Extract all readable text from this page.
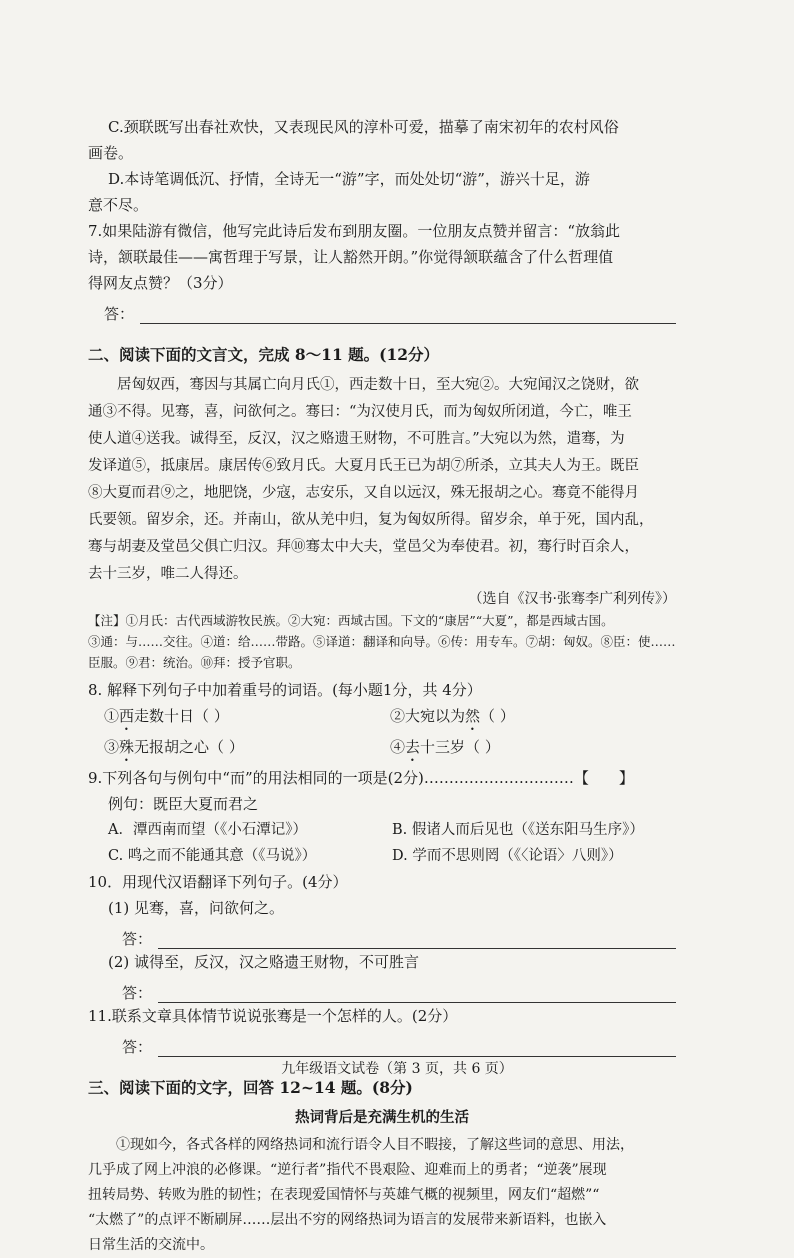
C.颈联既写出春社欢快，又表现民风的淳朴可爱，描摹了南宋初年的农村风俗

画卷。

D.本诗笔调低沉、抒情，全诗无一“游”字，而处处切“游”，游兴十足，游

意不尽。

7.如果陆游有微信，他写完此诗后发布到朋友圈。一位朋友点赞并留言：“放翁此

诗，颔联最佳——寓哲理于写景，让人豁然开朗。”你觉得颔联蕴含了什么哲理值

得网友点赞？（3分）

答：
二、阅读下面的文言文，完成 8～11 题。(12分）

居匈奴西，骞因与其属亡向月氏①，西走数十日，至大宛②。大宛闻汉之饶财，欲

通③不得。见骞，喜，问欲何之。骞曰：“为汉使月氏，而为匈奴所闭道，今亡，唯王

使人道④送我。诚得至，反汉，汉之赂遗王财物，不可胜言。”大宛以为然，遣骞，为

发译道⑤，抵康居。康居传⑥致月氏。大夏月氏王已为胡⑦所杀，立其夫人为王。既臣

⑧大夏而君⑨之，地肥饶，少寇，志安乐，又自以远汉，殊无报胡之心。骞竟不能得月

氏要领。留岁余，还。并南山，欲从羌中归，复为匈奴所得。留岁余，单于死，国内乱，

骞与胡妻及堂邑父俱亡归汉。拜⑩骞太中大夫，堂邑父为奉使君。初，骞行时百余人，

去十三岁，唯二人得还。

（选自《汉书·张骞李广利列传》）
【注】①月氏：古代西域游牧民族。②大宛：西域古国。下文的“康居”“大夏”，都是西域古国。
③通：与……交往。④道：给……带路。⑤译道：翻译和向导。⑥传：用专车。⑦胡：匈奴。⑧臣：使……
臣服。⑨君：统治。⑩拜：授予官职。

8. 解释下列句子中加着重号的词语。(每小题1分，共 4分）

①西走数十日（ ）	②大宛以为然（ ）
③殊无报胡之心（ ）	④去十三岁（ ）

9.下列各句与例句中“而”的用法相同的一项是(2分)…………………………【　　】

例句：既臣大夏而君之

A．潭西南而望（《小石潭记》）	B. 假诸人而后见也（《送东阳马生序》）
C. 鸣之而不能通其意（《马说》）	D. 学而不思则罔（《〈论语〉八则》）

10．用现代汉语翻译下列句子。(4分）

(1) 见骞，喜，问欲何之。

答：

(2) 诚得至，反汉，汉之赂遗王财物，不可胜言

答：

11.联系文章具体情节说说张骞是一个怎样的人。(2分）

答：
三、阅读下面的文字，回答 12~14 题。(8分)
热词背后是充满生机的生活

①现如今，各式各样的网络热词和流行语令人目不暇接，了解这些词的意思、用法，

几乎成了网上冲浪的必修课。“逆行者”指代不畏艰险、迎难而上的勇者；“逆袭”展现

扭转局势、转败为胜的韧性；在表现爱国情怀与英雄气概的视频里，网友们“超燃”“

“太燃了”的点评不断刷屏……层出不穷的网络热词为语言的发展带来新语料，也嵌入

日常生活的交流中。

九年级语文试卷（第 3 页，共 6 页）
